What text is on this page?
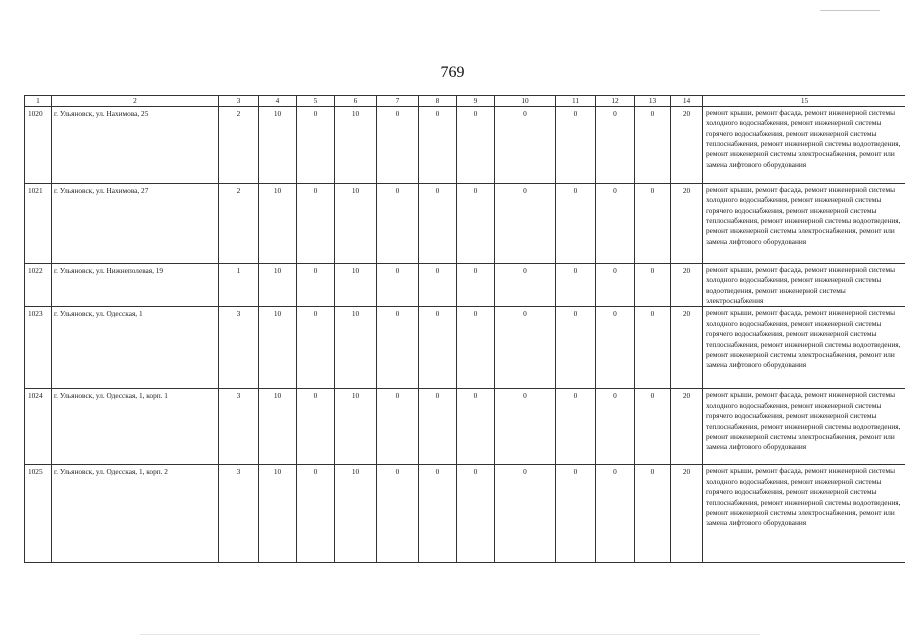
769
1	2	3	4	5	6	7	8	9	10	11	12	13	14	15
1020	г. Ульяновск, ул. Нахимова, 25	2	10	0	10	0	0	0	0	0	0	0	20	ремонт крыши, ремонт фасада, ремонт инженерной системы холодного водоснабжения, ремонт инженерной системы горячего водоснабжения, ремонт инженерной системы теплоснабжения, ремонт инженерной системы водоотведения, ремонт инженерной системы электроснабжения, ремонт или замена лифтового оборудования
1021	г. Ульяновск, ул. Нахимова, 27	2	10	0	10	0	0	0	0	0	0	0	20	ремонт крыши, ремонт фасада, ремонт инженерной системы холодного водоснабжения, ремонт инженерной системы горячего водоснабжения, ремонт инженерной системы теплоснабжения, ремонт инженерной системы водоотведения, ремонт инженерной системы электроснабжения, ремонт или замена лифтового оборудования
1022	г. Ульяновск, ул. Нижнеполевая, 19	1	10	0	10	0	0	0	0	0	0	0	20	ремонт крыши, ремонт фасада, ремонт инженерной системы холодного водоснабжения, ремонт инженерной системы водоотведения, ремонт инженерной системы электроснабжения
1023	г. Ульяновск, ул. Одесская, 1	3	10	0	10	0	0	0	0	0	0	0	20	ремонт крыши, ремонт фасада, ремонт инженерной системы холодного водоснабжения, ремонт инженерной системы горячего водоснабжения, ремонт инженерной системы теплоснабжения, ремонт инженерной системы водоотведения, ремонт инженерной системы электроснабжения, ремонт или замена лифтового оборудования
1024	г. Ульяновск, ул. Одесская, 1, корп. 1	3	10	0	10	0	0	0	0	0	0	0	20	ремонт крыши, ремонт фасада, ремонт инженерной системы холодного водоснабжения, ремонт инженерной системы горячего водоснабжения, ремонт инженерной системы теплоснабжения, ремонт инженерной системы водоотведения, ремонт инженерной системы электроснабжения, ремонт или замена лифтового оборудования
1025	г. Ульяновск, ул. Одесская, 1, корп. 2	3	10	0	10	0	0	0	0	0	0	0	20	ремонт крыши, ремонт фасада, ремонт инженерной системы холодного водоснабжения, ремонт инженерной системы горячего водоснабжения, ремонт инженерной системы теплоснабжения, ремонт инженерной системы водоотведения, ремонт инженерной системы электроснабжения, ремонт или замена лифтового оборудования
